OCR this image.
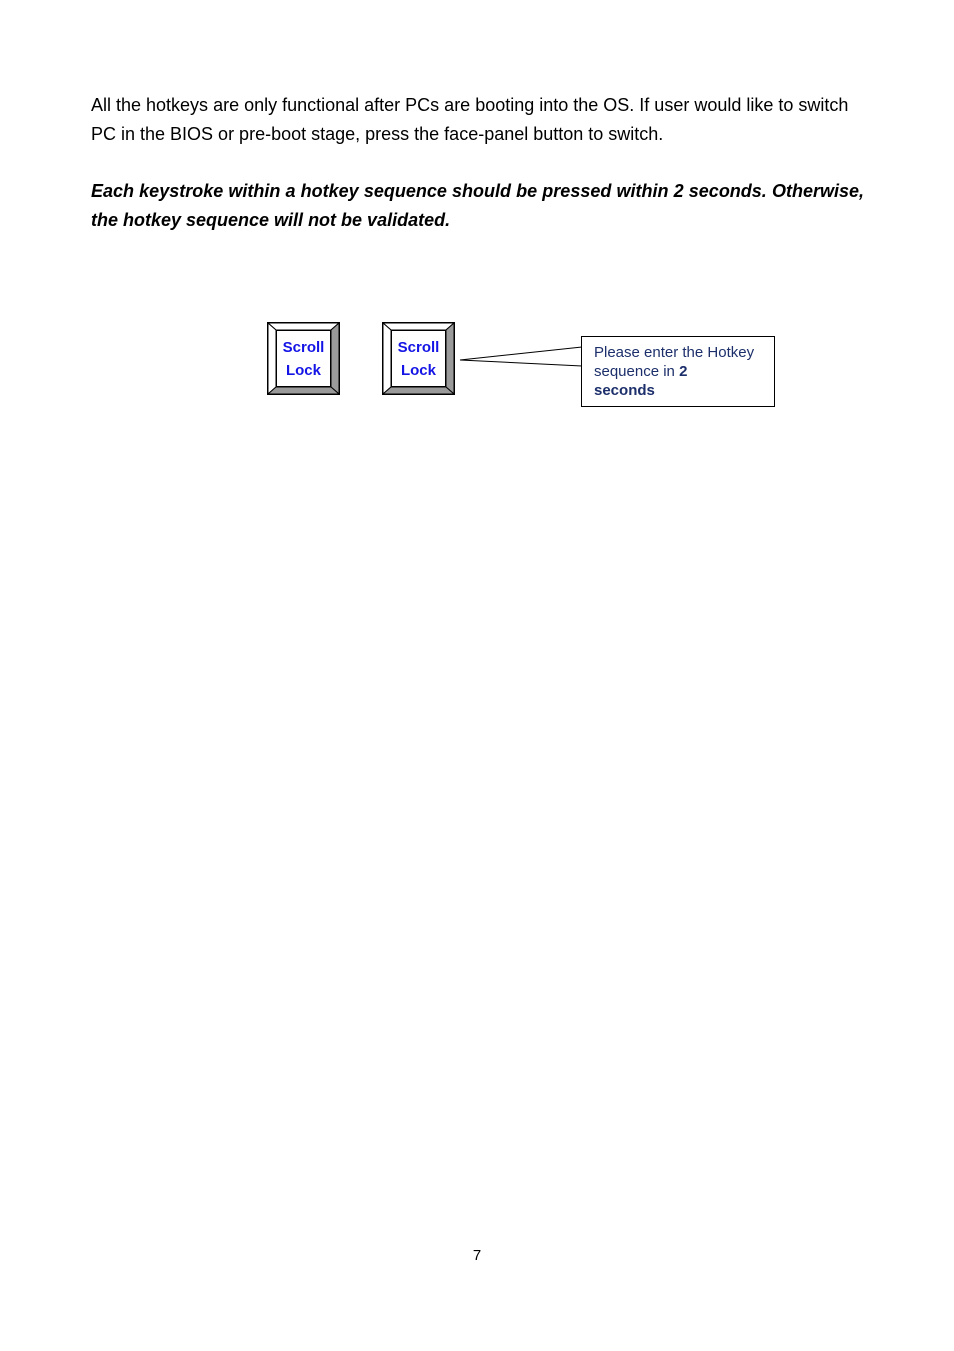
All the hotkeys are only functional after PCs are booting into the OS. If user would like to switch PC in the BIOS or pre-boot stage, press the face-panel button to switch.

Each keystroke within a hotkey sequence should be pressed within 2 seconds. Otherwise, the hotkey sequence will not be validated.

Scroll
Lock
Scroll
Lock
Please enter the Hotkey sequence in 2
seconds
7
